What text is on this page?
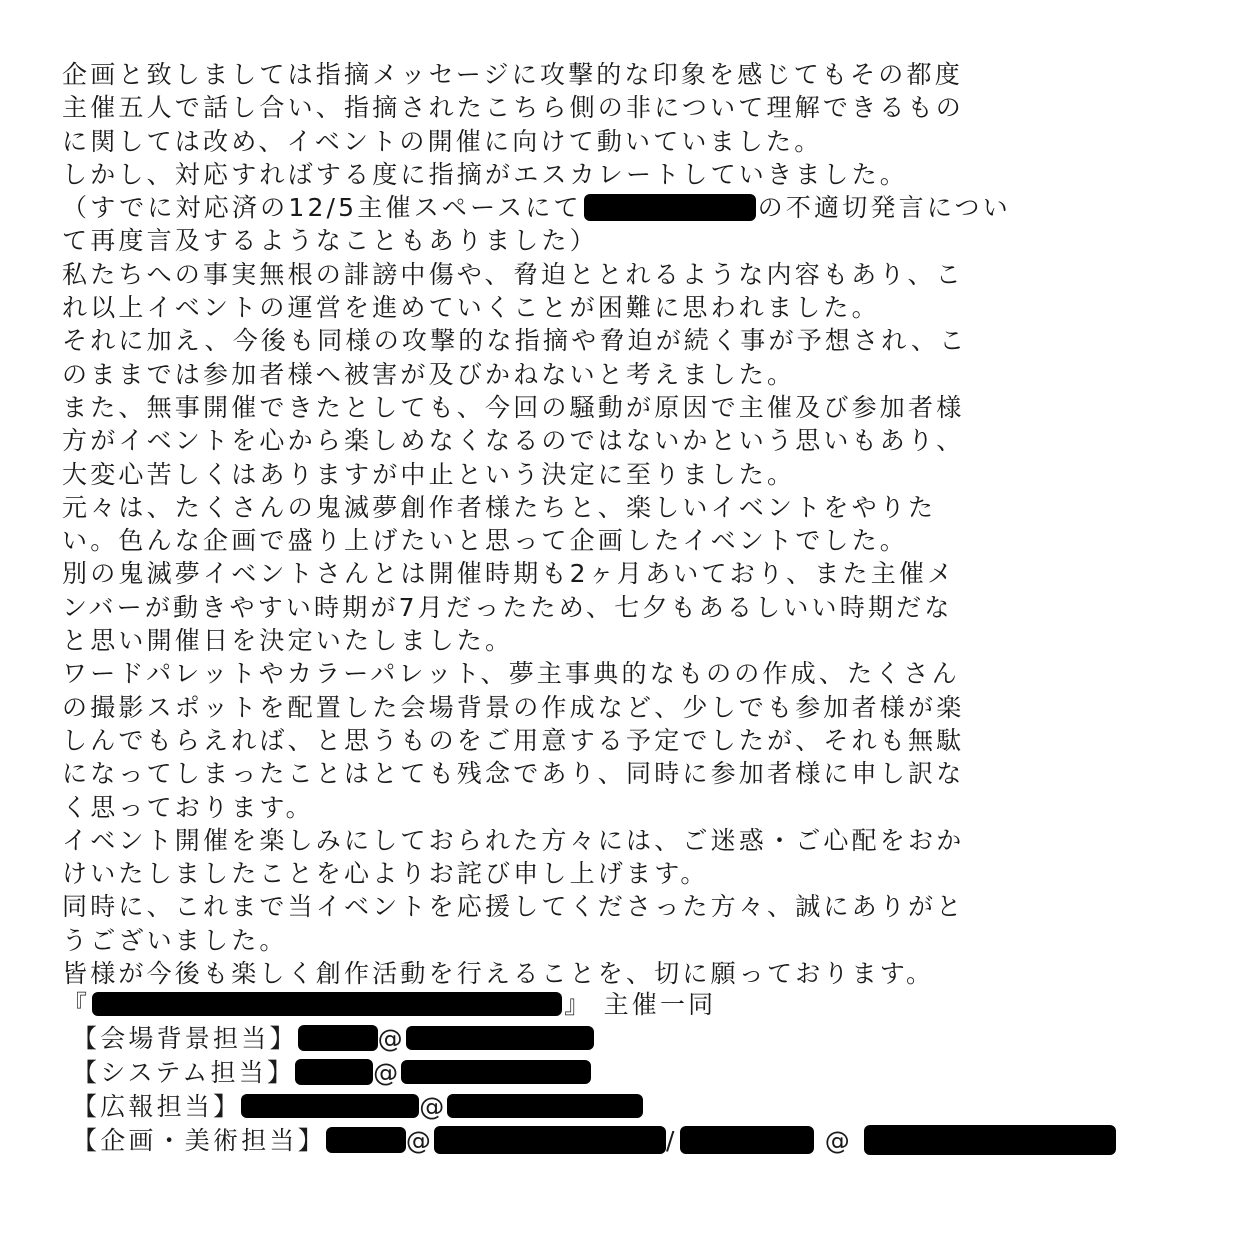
企画と致しましては指摘メッセージに攻撃的な印象を感じてもその都度
主催五人で話し合い、指摘されたこちら側の非について理解できるもの
に関しては改め、イベントの開催に向けて動いていました。
しかし、対応すればする度に指摘がエスカレートしていきました。
（すでに対応済の12/5主催スペースにて	の不適切発言につい
て再度言及するようなこともありました）
私たちへの事実無根の誹謗中傷や、脅迫ととれるような内容もあり、こ
れ以上イベントの運営を進めていくことが困難に思われました。
それに加え、今後も同様の攻撃的な指摘や脅迫が続く事が予想され、こ
のままでは参加者様へ被害が及びかねないと考えました。
また、無事開催できたとしても、今回の騒動が原因で主催及び参加者様
方がイベントを心から楽しめなくなるのではないかという思いもあり、
大変心苦しくはありますが中止という決定に至りました。
元々は、たくさんの鬼滅夢創作者様たちと、楽しいイベントをやりた
い。色んな企画で盛り上げたいと思って企画したイベントでした。
別の鬼滅夢イベントさんとは開催時期も2ヶ月あいており、また主催メ
ンバーが動きやすい時期が7月だったため、七夕もあるしいい時期だな
と思い開催日を決定いたしました。
ワードパレットやカラーパレット、夢主事典的なものの作成、たくさん
の撮影スポットを配置した会場背景の作成など、少しでも参加者様が楽
しんでもらえれば、と思うものをご用意する予定でしたが、それも無駄
になってしまったことはとても残念であり、同時に参加者様に申し訳な
く思っております。
イベント開催を楽しみにしておられた方々には、ご迷惑・ご心配をおか
けいたしましたことを心よりお詫び申し上げます。
同時に、これまで当イベントを応援してくださった方々、誠にありがと
うございました。
皆様が今後も楽しく創作活動を行えることを、切に願っております。
『	』 主催一同
【会場背景担当】	@
【システム担当】	@
【広報担当】	@
【企画・美術担当】	@	/	@
